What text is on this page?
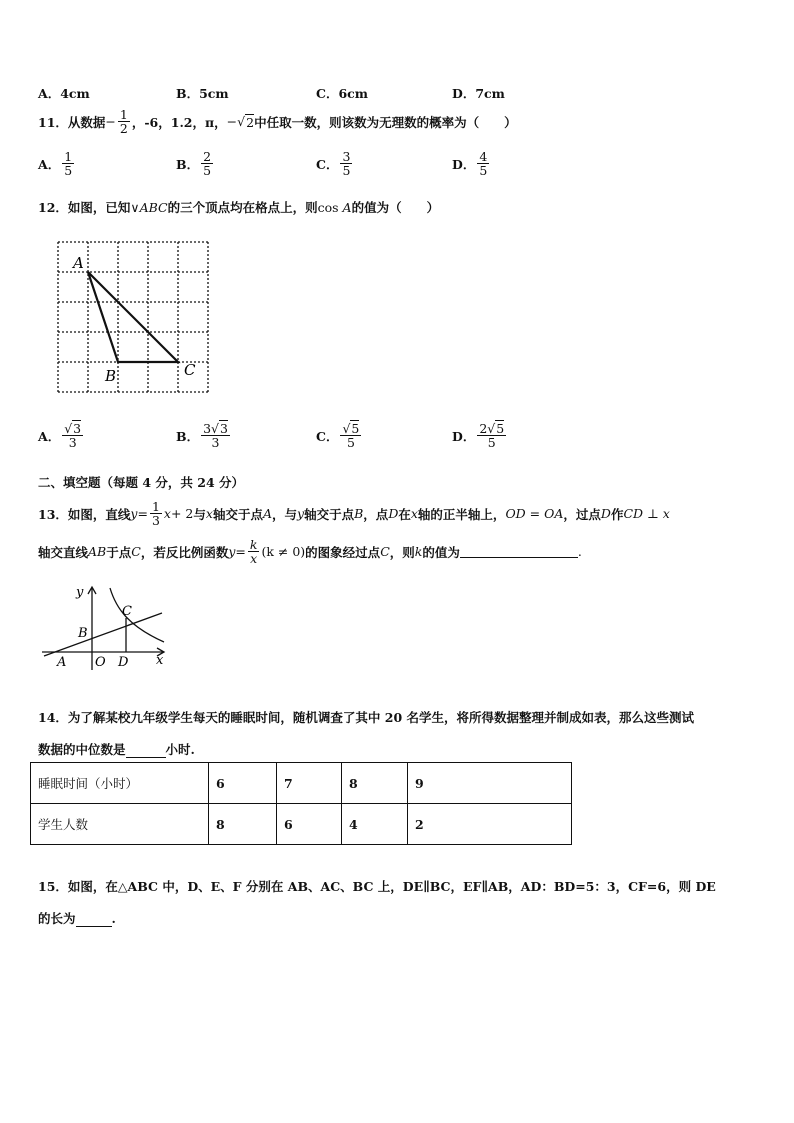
A．4cm	B．5cm	C．6cm	D．7cm
11． 从数据 − $\frac{1}{2}$ ，‑6，1.2，π， − √ 2 中任取一数，则该数为无理数的概率为（　　）
A． $\frac{1}{5}$	B． $\frac{2}{5}$	C． $\frac{3}{5}$	D． $\frac{4}{5}$
12．如图，已知∨ABC的三个顶点均在格点上，则cos A的值为（　　）
A
B	C
A． $\frac{√3}{3}$	B． $\frac{3√3}{3}$	C． $\frac{√5}{5}$	D． $\frac{2√5}{5}$
二、填空题（每题 4 分，共 24 分）
13． 如图，直线 $y = \frac{1}{3}$ x + 2 与 x 轴交于点 A ，与 y 轴交于点 B ，点 D 在 x 轴的正半轴上， OD = OA ，过点 D 作 CD ⊥ x
轴交直线 AB 于点 C ，若反比例函数 $y = \frac{k}{x} (k \ne 0)$ 的图象经过点 C ，则 k 的值为	.
y
x
C
B
A O D
14．为了解某校九年级学生每天的睡眠时间，随机调查了其中 20 名学生，将所得数据整理并制成如表，那么这些测试
数据的中位数是	小时.
睡眠时间（小时）	6	7	8	9
学生人数	8	6	4	2
15．如图，在△ABC 中，D、E、F 分别在 AB、AC、BC 上，DE∥BC，EF∥AB，AD：BD=5：3，CF=6，则 DE
的长为	.
